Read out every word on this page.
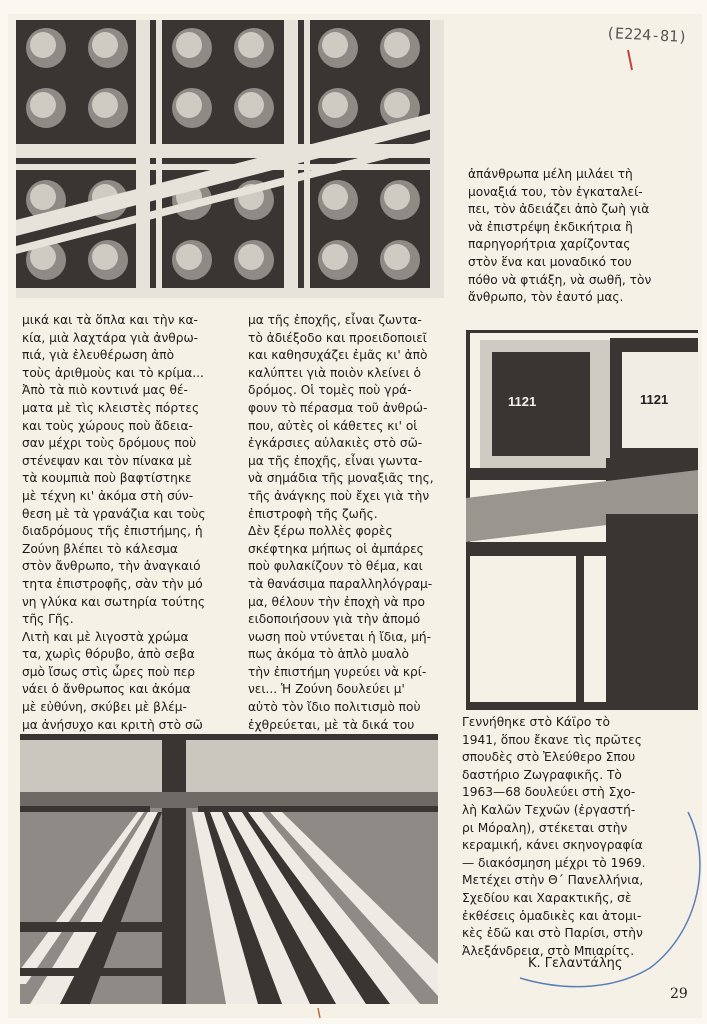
μικά και τὰ ὅπλα και τὴν κα-

κία, μιὰ λαχτάρα γιὰ ἀνθρω-

πιά, γιὰ ἐλευθέρωση ἀπὸ

τοὺς ἀριθμοὺς και τὸ κρίμα...

Ἀπὸ τὰ πιὸ κοντινά μας θέ-

ματα μὲ τὶς κλειστὲς πόρτες

και τοὺς χώρους ποὺ ἄδεια-

σαν μέχρι τοὺς δρόμους ποὺ

στένεψαν και τὸν πίνακα μὲ

τὰ κουμπιὰ ποὺ βαφτίστηκε

μὲ τέχνη κι' ἀκόμα στὴ σύν-

θεση μὲ τὰ γρανάζια και τοὺς

διαδρόμους τῆς ἐπιστήμης, ἡ

Ζούνη βλέπει τὸ κάλεσμα

στὸν ἄνθρωπο, τὴν ἀναγκαιό

τητα ἐπιστροφῆς, σὰν τὴν μό

νη γλύκα και σωτηρία τούτης

τῆς Γῆς.

Λιτὴ και μὲ λιγοστὰ χρώμα

τα, χωρὶς θόρυβο, ἀπὸ σεβα

σμὸ ἴσως στὶς ὧρες ποὺ περ

νάει ὁ ἄνθρωπος και ἀκόμα

μὲ εὐθύνη, σκύβει μὲ βλέμ-

μα ἀνήσυχο και κριτὴ στὸ σῶ

μα τῆς ἐποχῆς, εἶναι ζωντα-

τὸ ἀδιέξοδο και προειδοποιεῖ

και καθησυχάζει ἐμᾶς κι' ἀπὸ

καλύπτει γιὰ ποιὸν κλείνει ὁ

δρόμος. Οἱ τομὲς ποὺ γρά-

φουν τὸ πέρασμα τοῦ ἀνθρώ-

που, αὐτὲς οἱ κάθετες κι' οἱ

ἐγκάρσιες αὐλακιὲς στὸ σῶ-

μα τῆς ἐποχῆς, εἶναι γωντα-

νὰ σημάδια τῆς μοναξιᾶς της,

τῆς ἀνάγκης ποὺ ἔχει γιὰ τὴν

ἐπιστροφὴ τῆς ζωῆς.

Δὲν ξέρω πολλὲς φορὲς

σκέφτηκα μήπως οἱ ἀμπάρες

ποὺ φυλακίζουν τὸ θέμα, και

τὰ θανάσιμα παραλληλόγραμ-

μα, θέλουν τὴν ἐποχὴ νὰ προ

ειδοποιήσουν γιὰ τὴν ἀπομό

νωση ποὺ ντύνεται ἡ ἴδια, μή-

πως ἀκόμα τὸ ἁπλὸ μυαλὸ

τὴν ἐπιστήμη γυρεύει νὰ κρί-

νει... Ἡ Ζούνη δουλεύει μ'

αὐτὸ τὸν ἴδιο πολιτισμὸ ποὺ

ἐχθρεύεται, μὲ τὰ δικά του

ἀπάνθρωπα μέλη μιλάει τὴ

μοναξιά του, τὸν ἐγκαταλεί-

πει, τὸν ἀδειάζει ἀπὸ ζωὴ γιὰ

νὰ ἐπιστρέψη ἐκδικήτρια ἢ

παρηγορήτρια χαρίζοντας

στὸν ἕνα και μοναδικό του

πόθο νὰ φτιάξη, νὰ σωθῆ, τὸν

ἄνθρωπο, τὸν ἑαυτό μας.

1121	1121

Γεννήθηκε στὸ Κάϊρο τὸ

1941, ὅπου ἔκανε τὶς πρῶτες

σπουδὲς στὸ Ἐλεύθερο Σπου

δαστήριο Ζωγραφικῆς. Τὸ

1963—68 δουλεύει στὴ Σχο-

λὴ Καλῶν Τεχνῶν (ἐργαστή-

ρι Μόραλη), στέκεται στὴν

κεραμική, κάνει σκηνογραφία

— διακόσμηση μέχρι τὸ 1969.

Μετέχει στὴν Θ΄ Πανελλήνια,

Σχεδίου και Χαρακτικῆς, σὲ

ἐκθέσεις ὁμαδικὲς και ἀτομι-

κὲς ἐδῶ και στὸ Παρίσι, στὴν

Ἀλεξάνδρεια, στὸ Μπιαρίτς.

Κ. Γελαντάλης
29
(Ε224-81)
